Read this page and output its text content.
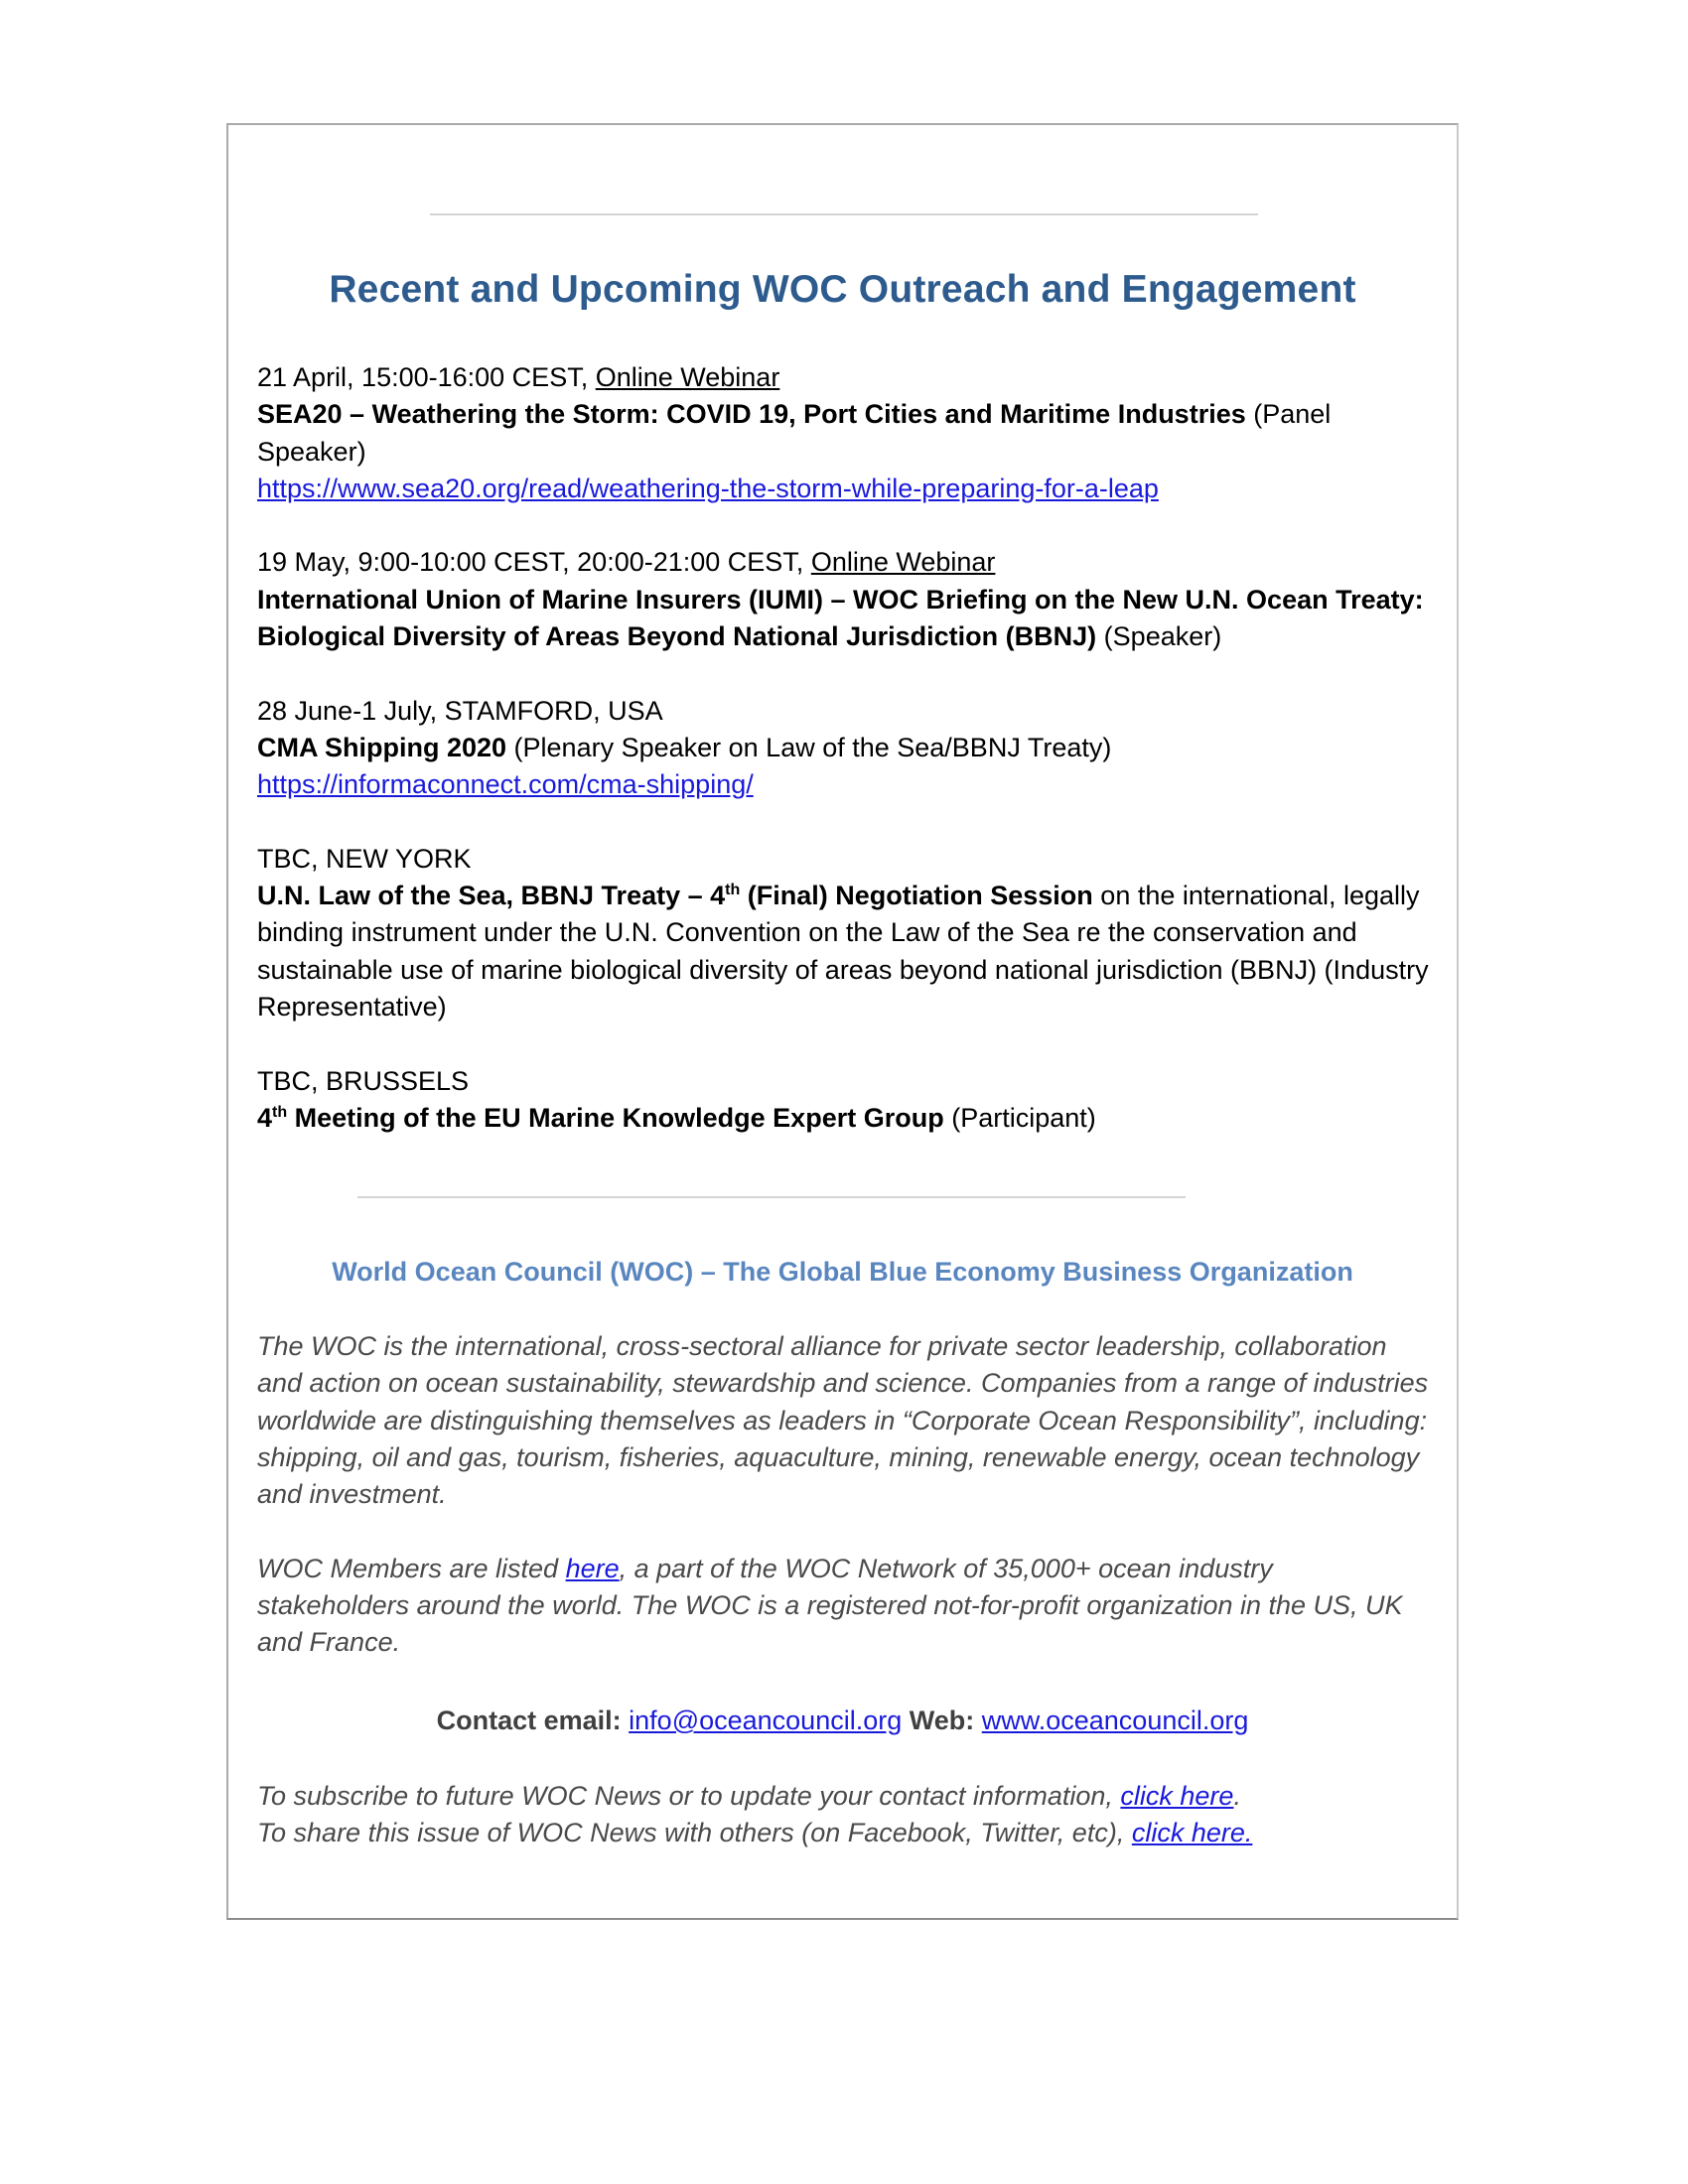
Recent and Upcoming WOC Outreach and Engagement

21 April, 15:00-16:00 CEST, Online Webinar

SEA20 – Weathering the Storm: COVID 19, Port Cities and Maritime Industries (Panel Speaker)

https://www.sea20.org/read/weathering-the-storm-while-preparing-for-a-leap

19 May, 9:00-10:00 CEST, 20:00-21:00 CEST, Online Webinar

International Union of Marine Insurers (IUMI) – WOC Briefing on the New U.N. Ocean Treaty: Biological Diversity of Areas Beyond National Jurisdiction (BBNJ) (Speaker)

28 June-1 July, STAMFORD, USA

CMA Shipping 2020 (Plenary Speaker on Law of the Sea/BBNJ Treaty)

https://informaconnect.com/cma-shipping/

TBC, NEW YORK

U.N. Law of the Sea, BBNJ Treaty – 4th (Final) Negotiation Session on the international, legally binding instrument under the U.N. Convention on the Law of the Sea re the conservation and sustainable use of marine biological diversity of areas beyond national jurisdiction (BBNJ) (Industry Representative)

TBC, BRUSSELS

4th Meeting of the EU Marine Knowledge Expert Group (Participant)

World Ocean Council (WOC) – The Global Blue Economy Business Organization

The WOC is the international, cross-sectoral alliance for private sector leadership, collaboration and action on ocean sustainability, stewardship and science. Companies from a range of industries worldwide are distinguishing themselves as leaders in “Corporate Ocean Responsibility”, including: shipping, oil and gas, tourism, fisheries, aquaculture, mining, renewable energy, ocean technology and investment.

WOC Members are listed here, a part of the WOC Network of 35,000+ ocean industry stakeholders around the world. The WOC is a registered not-for-profit organization in the US, UK and France.

Contact email: info@oceancouncil.org Web: www.oceancouncil.org

To subscribe to future WOC News or to update your contact information, click here.

To share this issue of WOC News with others (on Facebook, Twitter, etc), click here.
